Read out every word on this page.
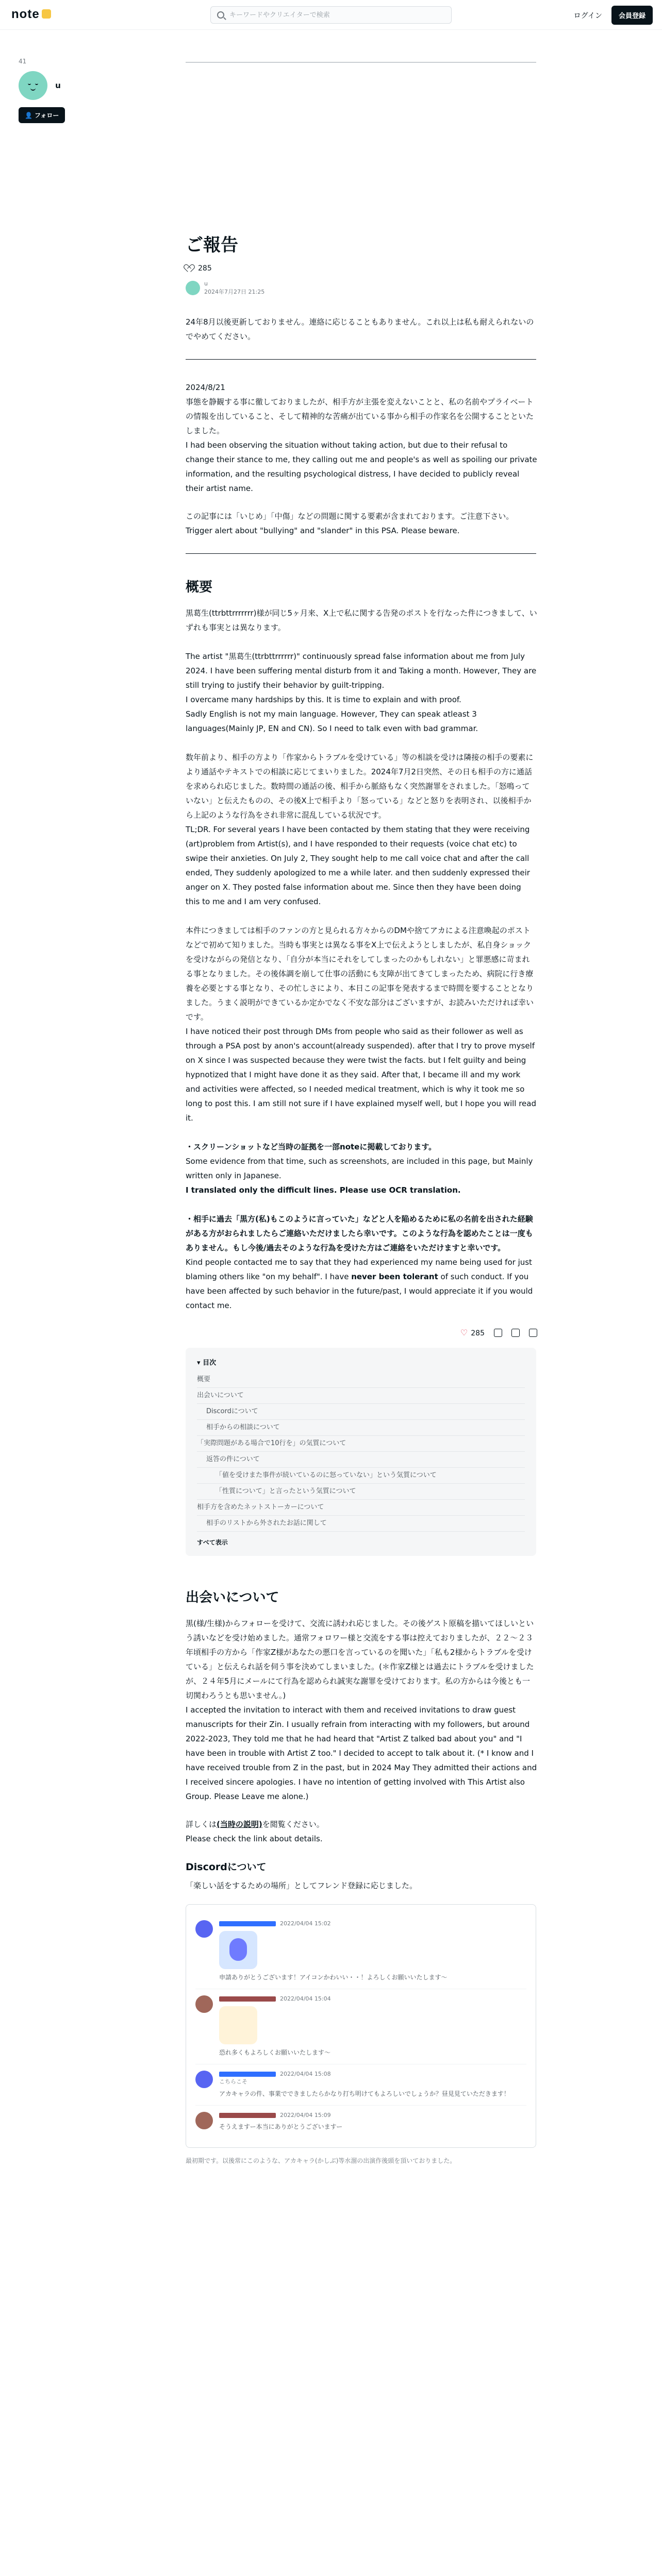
note
キーワードやクリエイターで検索	ログイン	会員登録
41
u
👤 フォロー
ご報告
285
u
2024年7月27日 21:25
24年8月以後更新しておりません。連絡に応じることもありません。これ以上は私も耐えられないのでやめてください。
2024/8/21
事態を静観する事に徹しておりましたが、相手方が主張を変えないことと、私の名前やプライベートの情報を出していること、そして精神的な苦痛が出ている事から相手の作家名を公開することといたしました。
I had been observing the situation without taking action, but due to their refusal to change their stance to me, they calling out me and people's as well as spoiling our private information, and the resulting psychological distress, I have decided to publicly reveal their artist name.
この記事には「いじめ」「中傷」などの問題に関する要素が含まれております。ご注意下さい。
Trigger alert about "bullying" and "slander" in this PSA. Please beware.
概要
黒葛生(ttrbttrrrrrrr)様が同じ5ヶ月来、X上で私に関する告発のポストを行なった件につきまして、いずれも事実とは異なります。
The artist "黒葛生(ttrbttrrrrrr)" continuously spread false information about me from July 2024. I have been suffering mental disturb from it and Taking a month. However, They are still trying to justify their behavior by guilt-tripping.
I overcame many hardships by this. It is time to explain and with proof.
Sadly English is not my main language. However, They can speak atleast 3 languages(Mainly JP, EN and CN). So I need to talk even with bad grammar.
数年前より、相手の方より「作家からトラブルを受けている」等の相談を受けは隣接の相手の要素により通話やテキストでの相談に応じてまいりました。2024年7月2日突然、その日も相手の方に通話を求められ応じました。数時間の通話の後、相手から脈絡もなく突然謝罪をされました。「怒鳴っていない」と伝えたものの、その後X上で相手より「怒っている」などと怒りを表明され、以後相手から上記のような行為をされ非常に混乱している状況です。
TL;DR. For several years I have been contacted by them stating that they were receiving (art)problem from Artist(s), and I have responded to their requests (voice chat etc) to swipe their anxieties. On July 2, They sought help to me call voice chat and after the call ended, They suddenly apologized to me a while later. and then suddenly expressed their anger on X. They posted false information about me. Since then they have been doing this to me and I am very confused.
本件につきましては相手のファンの方と見られる方々からのDMや捨てアカによる注意喚起のポストなどで初めて知りました。当時も事実とは異なる事をX上で伝えようとしましたが、私自身ショックを受けながらの発信となり、「自分が本当にそれをしてしまったのかもしれない」と罪悪感に苛まれる事となりました。その後体調を崩して仕事の活動にも支障が出てきてしまったため、病院に行き療養を必要とする事となり、その忙しさにより、本日この記事を発表するまで時間を要することとなりました。うまく説明ができているか定かでなく不安な部分はございますが、お読みいただければ幸いです。
I have noticed their post through DMs from people who said as their follower as well as through a PSA post by anon's account(already suspended). after that I try to prove myself on X since I was suspected because they were twist the facts. but I felt guilty and being hypnotized that I might have done it as they said. After that, I became ill and my work and activities were affected, so I needed medical treatment, which is why it took me so long to post this. I am still not sure if I have explained myself well, but I hope you will read it.
・スクリーンショットなど当時の証拠を一部noteに掲載しております。
Some evidence from that time, such as screenshots, are included in this page, but Mainly written only in Japanese.
I translated only the difficult lines. Please use OCR translation.
・相手に過去「黒方(私)もこのように言っていた」などと人を陥めるために私の名前を出された経験がある方がおられましたらご連絡いただけましたら幸いです。このような行為を認めたことは一度もありません。もし今後/過去そのような行為を受けた方はご連絡をいただけますと幸いです。
Kind people contacted me to say that they had experienced my name being used for just blaming others like "on my behalf". I have never been tolerant of such conduct. If you have been affected by such behavior in the future/past, I would appreciate it if you would contact me.
♡ 285
▾ 目次
概要
出会いについて
Discordについて
相手からの相談について
「実際問題がある場合で10行を」の気質について
返答の件について
「値を受けまた事件が続いているのに怒っていない」という気質について
「性質について」と言ったという気質について
相手方を含めたネットストーカーについて
相手のリストから外されたお話に関して
すべて表示
出会いについて
黒(様/生様)からフォローを受けて、交流に誘われ応じました。その後ゲスト原稿を描いてほしいという誘いなどを受け始めました。通常フォロワー様と交流をする事は控えておりましたが、２２〜２３年頃相手の方から「作家Z様があなたの悪口を言っているのを聞いた」「私も2様からトラブルを受けている」と伝えられ話を伺う事を決めてしまいました。(＊作家Z様とは過去にトラブルを受けましたが、２４年5月にメールにて行為を認められ誠実な謝罪を受けております。私の方からは今後とも一切関わろうとも思いません。)
I accepted the invitation to interact with them and received invitations to draw guest manuscripts for their Zin. I usually refrain from interacting with my followers, but around 2022-2023, They told me that he had heard that "Artist Z talked bad about you" and "I have been in trouble with Artist Z too." I decided to accept to talk about it. (* I know and I have received trouble from Z in the past, but in 2024 May They admitted their actions and I received sincere apologies. I have no intention of getting involved with This Artist also Group. Please Leave me alone.)
詳しくは(当時の説明)を閲覧ください。
Please check the link about details.
Discordについて
「楽しい話をするための場所」としてフレンド登録に応じました。
2022/04/04 15:02
申請ありがとうございます！アイコンかわいい・・！よろしくお願いいたします〜
2022/04/04 15:04
恐れ多くもよろしくお願いいたします〜
2022/04/04 15:08
こちらこそ
アカキャラの件、事業でできましたらかなり打ち明けてもよろしいでしょうか？昼見見ていただきます！
2022/04/04 15:09
そうえますー本当にありがとうございますー
最初期です。以後常にこのような、アカキャラ(かしぶ)等水溜の出演作後頭を頂いておりました。
